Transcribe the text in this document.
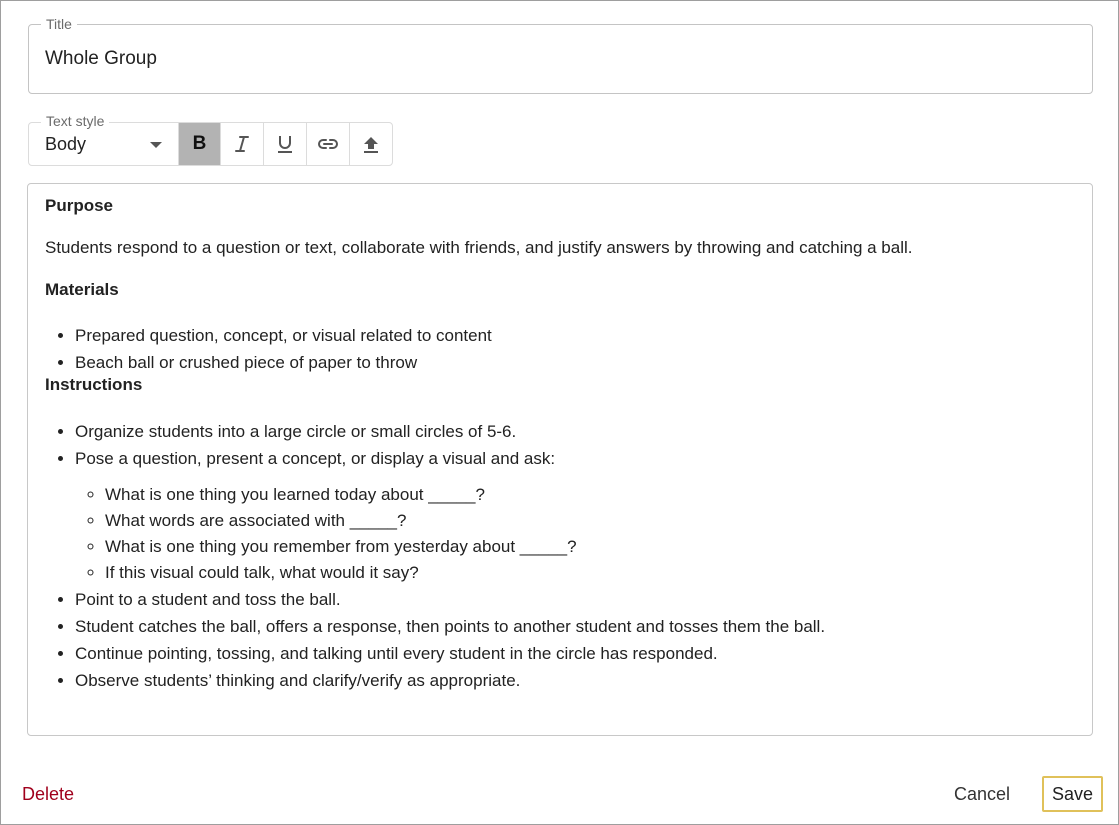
Title
Whole Group
Text style
Body	B

Purpose

Students respond to a question or text, collaborate with friends, and justify answers by throwing and catching a ball.

Materials

• Prepared question, concept, or visual related to content
• Beach ball or crushed piece of paper to throw

Instructions

• Organize students into a large circle or small circles of 5-6.
• Pose a question, present a concept, or display a visual and ask:
◦ What is one thing you learned today about _____?
◦ What words are associated with _____?
◦ What is one thing you remember from yesterday about _____?
◦ If this visual could talk, what would it say?
• Point to a student and toss the ball.
• Student catches the ball, offers a response, then points to another student and tosses them the ball.
• Continue pointing, tossing, and talking until every student in the circle has responded.
• Observe students’ thinking and clarify/verify as appropriate.
Delete	Cancel Save
